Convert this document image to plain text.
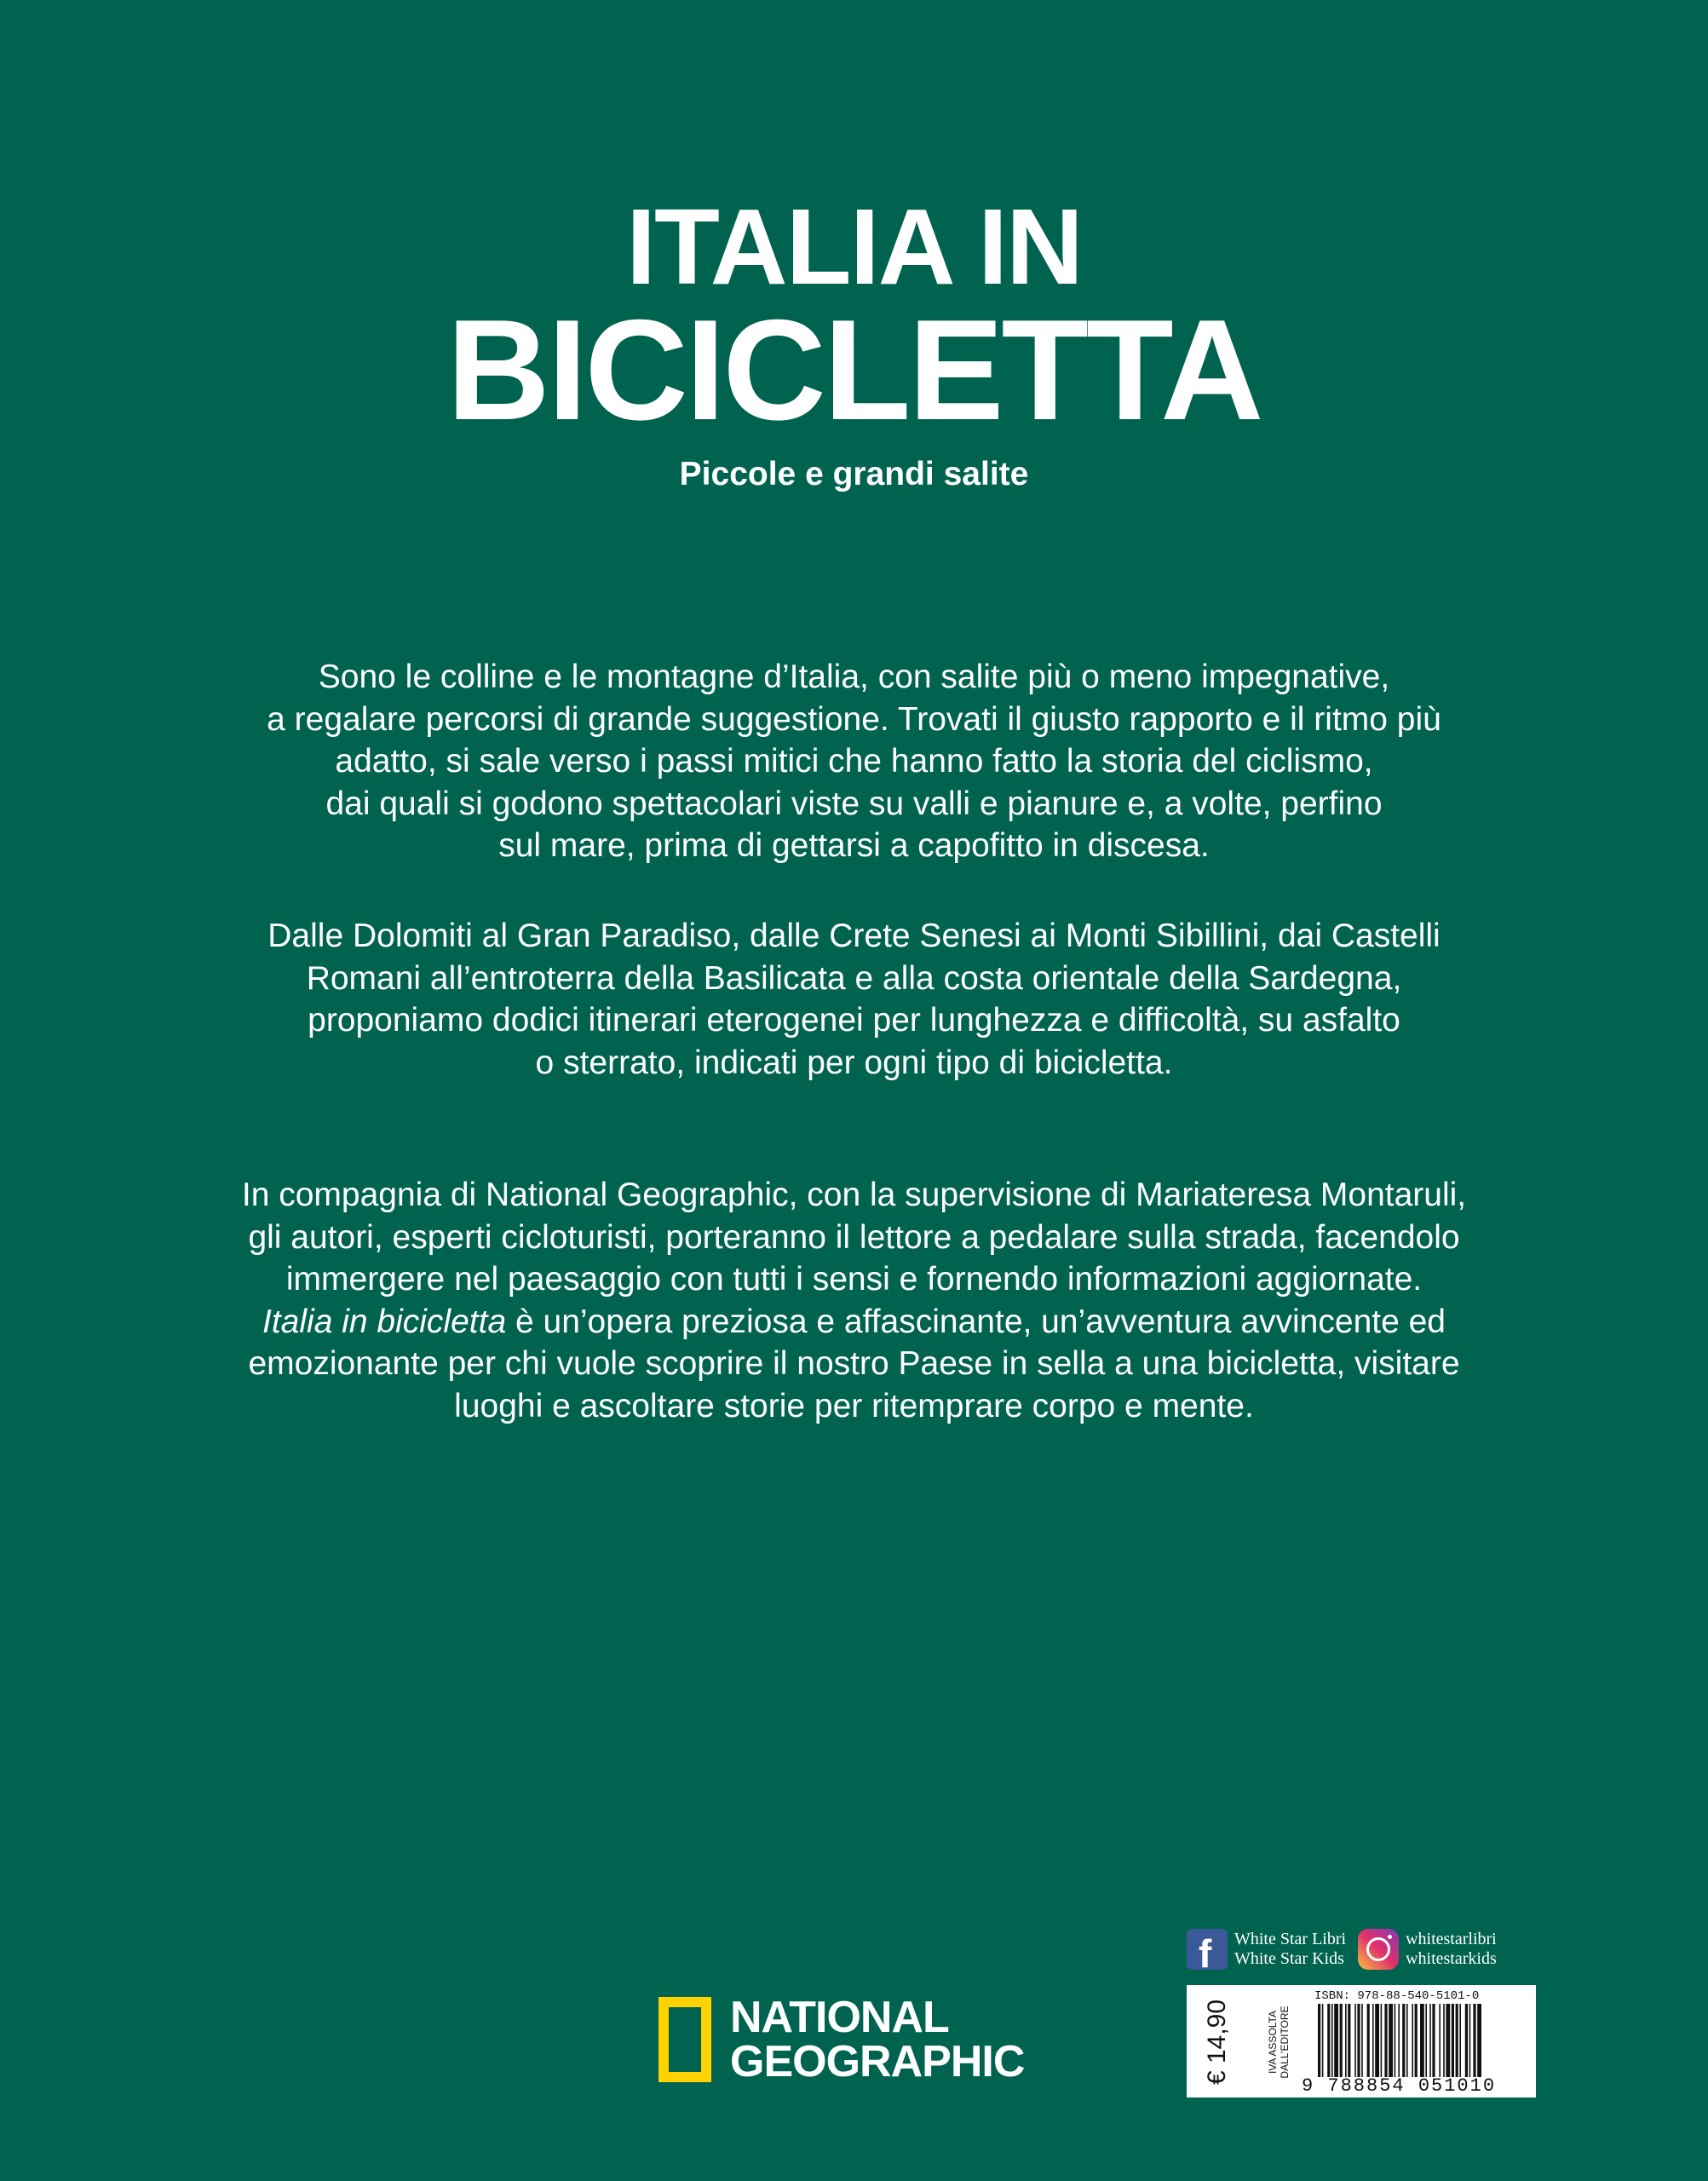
ITALIA IN
BICICLETTA
Piccole e grandi salite
Sono le colline e le montagne d’Italia, con salite più o meno impegnative,
a regalare percorsi di grande suggestione. Trovati il giusto rapporto e il ritmo più
adatto, si sale verso i passi mitici che hanno fatto la storia del ciclismo,
dai quali si godono spettacolari viste su valli e pianure e, a volte, perfino
sul mare, prima di gettarsi a capofitto in discesa.
Dalle Dolomiti al Gran Paradiso, dalle Crete Senesi ai Monti Sibillini, dai Castelli
Romani all’entroterra della Basilicata e alla costa orientale della Sardegna,
proponiamo dodici itinerari eterogenei per lunghezza e difficoltà, su asfalto
o sterrato, indicati per ogni tipo di bicicletta.
In compagnia di National Geographic, con la supervisione di Mariateresa Montaruli,
gli autori, esperti cicloturisti, porteranno il lettore a pedalare sulla strada, facendolo
immergere nel paesaggio con tutti i sensi e fornendo informazioni aggiornate.
Italia in bicicletta è un’opera preziosa e affascinante, un’avventura avvincente ed
emozionante per chi vuole scoprire il nostro Paese in sella a una bicicletta, visitare
luoghi e ascoltare storie per ritemprare corpo e mente.
NATIONAL
GEOGRAPHIC
f
White Star Libri
White Star Kids
whitestarlibri
whitestarkids
€ 14,90	IVA ASSOLTA DALL’EDITORE
ISBN: 978-88-540-5101-0
9 788854 051010
